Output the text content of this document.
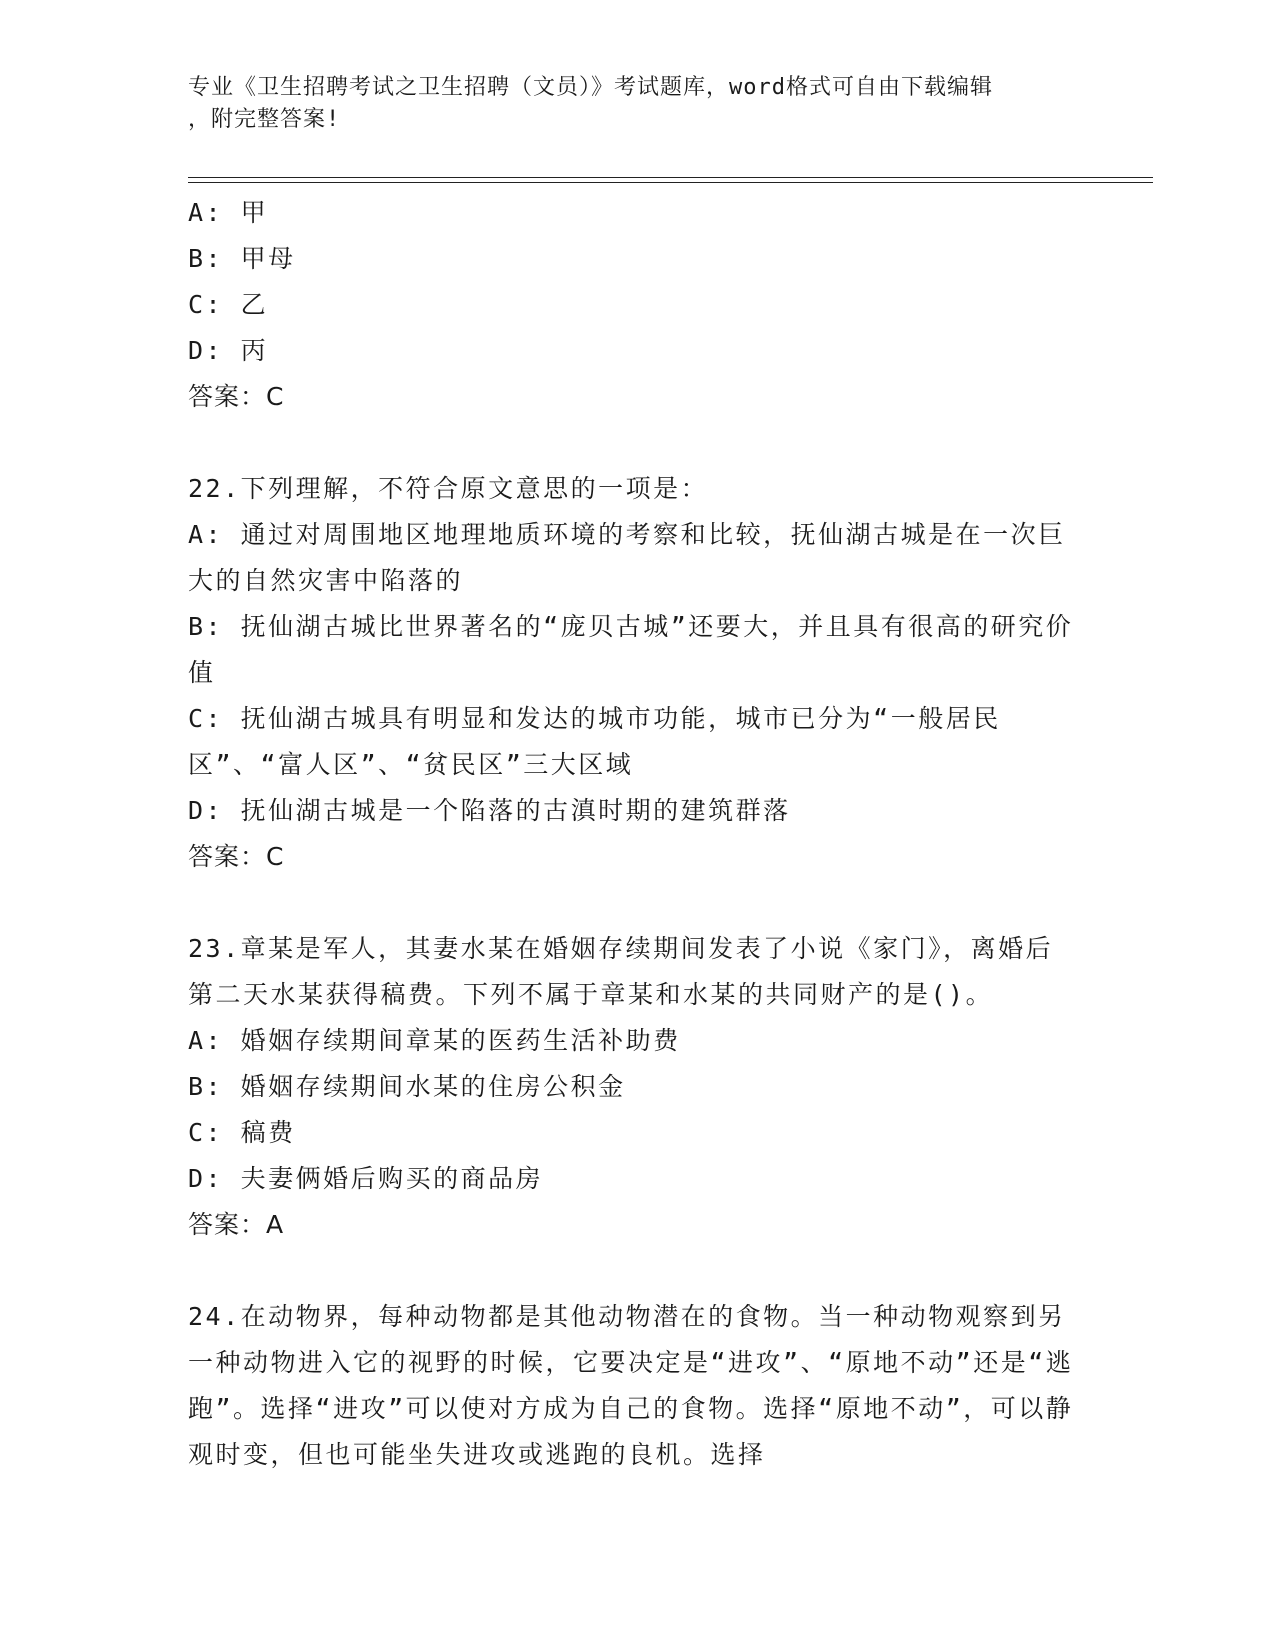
专业《卫生招聘考试之卫生招聘（文员）》考试题库，word格式可自由下载编辑
，附完整答案!

A: 甲

B: 甲母

C: 乙

D: 丙

答案：C

22.下列理解，不符合原文意思的一项是：

A: 通过对周围地区地理地质环境的考察和比较，抚仙湖古城是在一次巨大的自然灾害中陷落的

B: 抚仙湖古城比世界著名的“庞贝古城”还要大，并且具有很高的研究价值

C: 抚仙湖古城具有明显和发达的城市功能，城市已分为“一般居民区”、“富人区”、“贫民区”三大区域

D: 抚仙湖古城是一个陷落的古滇时期的建筑群落

答案：C

23.章某是军人，其妻水某在婚姻存续期间发表了小说《家门》，离婚后第二天水某获得稿费。下列不属于章某和水某的共同财产的是()。

A: 婚姻存续期间章某的医药生活补助费

B: 婚姻存续期间水某的住房公积金

C: 稿费

D: 夫妻俩婚后购买的商品房

答案：A

24.在动物界，每种动物都是其他动物潜在的食物。当一种动物观察到另一种动物进入它的视野的时候，它要决定是“进攻”、“原地不动”还是“逃跑”。选择“进攻”可以使对方成为自己的食物。选择“原地不动”，可以静观时变，但也可能坐失进攻或逃跑的良机。选择
